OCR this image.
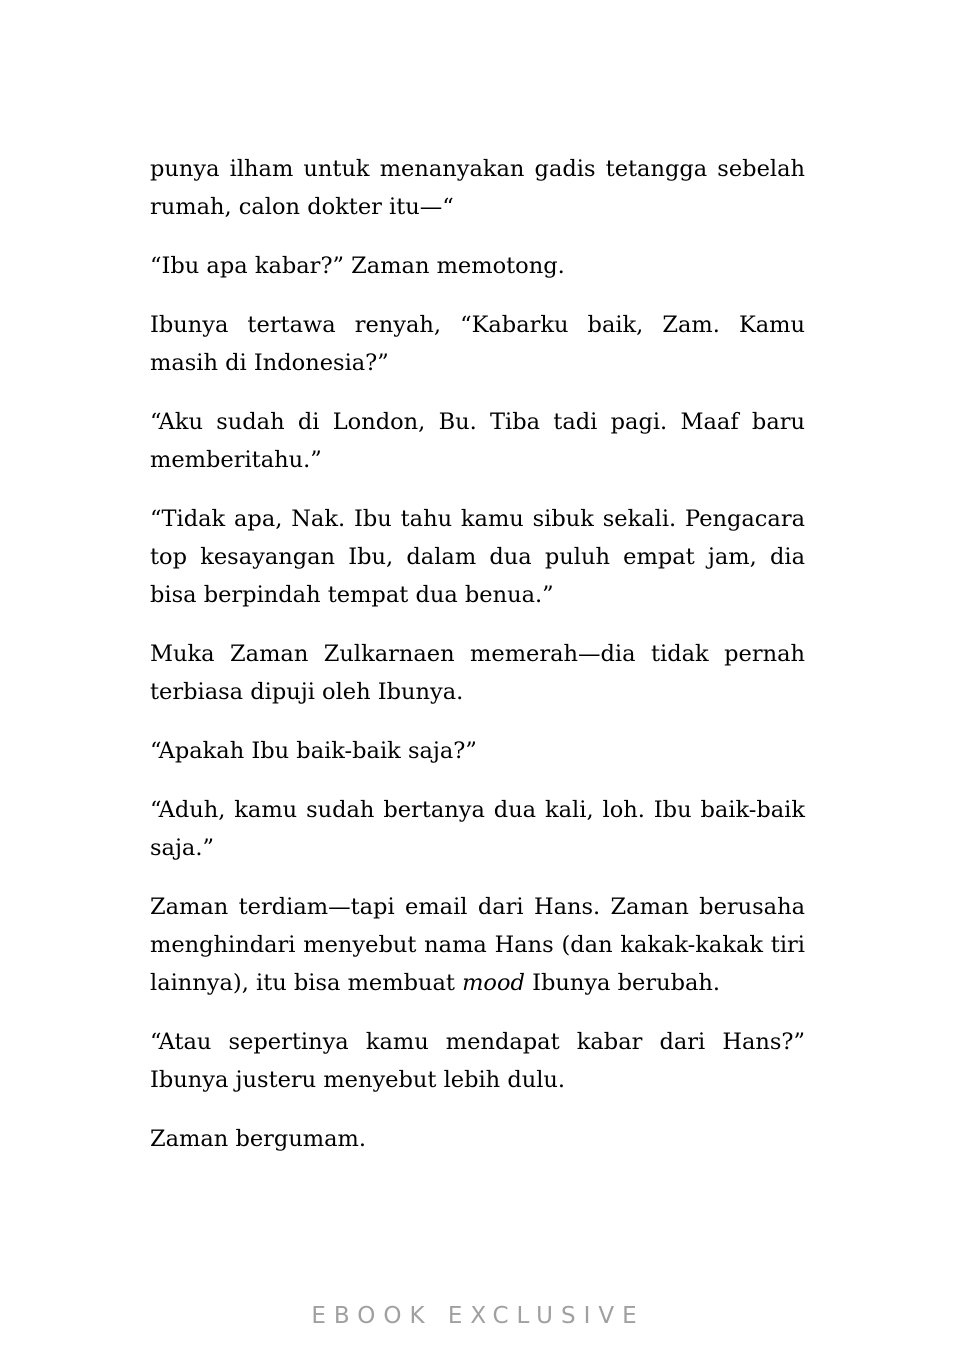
punya ilham untuk menanyakan gadis tetangga sebelah rumah, calon dokter itu—“

“Ibu apa kabar?” Zaman memotong.

Ibunya tertawa renyah, “Kabarku baik, Zam. Kamu masih di Indonesia?”

“Aku sudah di London, Bu. Tiba tadi pagi. Maaf baru memberitahu.”

“Tidak apa, Nak. Ibu tahu kamu sibuk sekali. Pengacara top kesayangan Ibu, dalam dua puluh empat jam, dia bisa berpindah tempat dua benua.”

Muka Zaman Zulkarnaen memerah—dia tidak pernah terbiasa dipuji oleh Ibunya.

“Apakah Ibu baik-baik saja?”

“Aduh, kamu sudah bertanya dua kali, loh. Ibu baik-baik saja.”

Zaman terdiam—tapi email dari Hans. Zaman berusaha menghindari menyebut nama Hans (dan kakak-kakak tiri lainnya), itu bisa membuat mood Ibunya berubah.

“Atau sepertinya kamu mendapat kabar dari Hans?” Ibunya justeru menyebut lebih dulu.

Zaman bergumam.

EBOOK EXCLUSIVE
